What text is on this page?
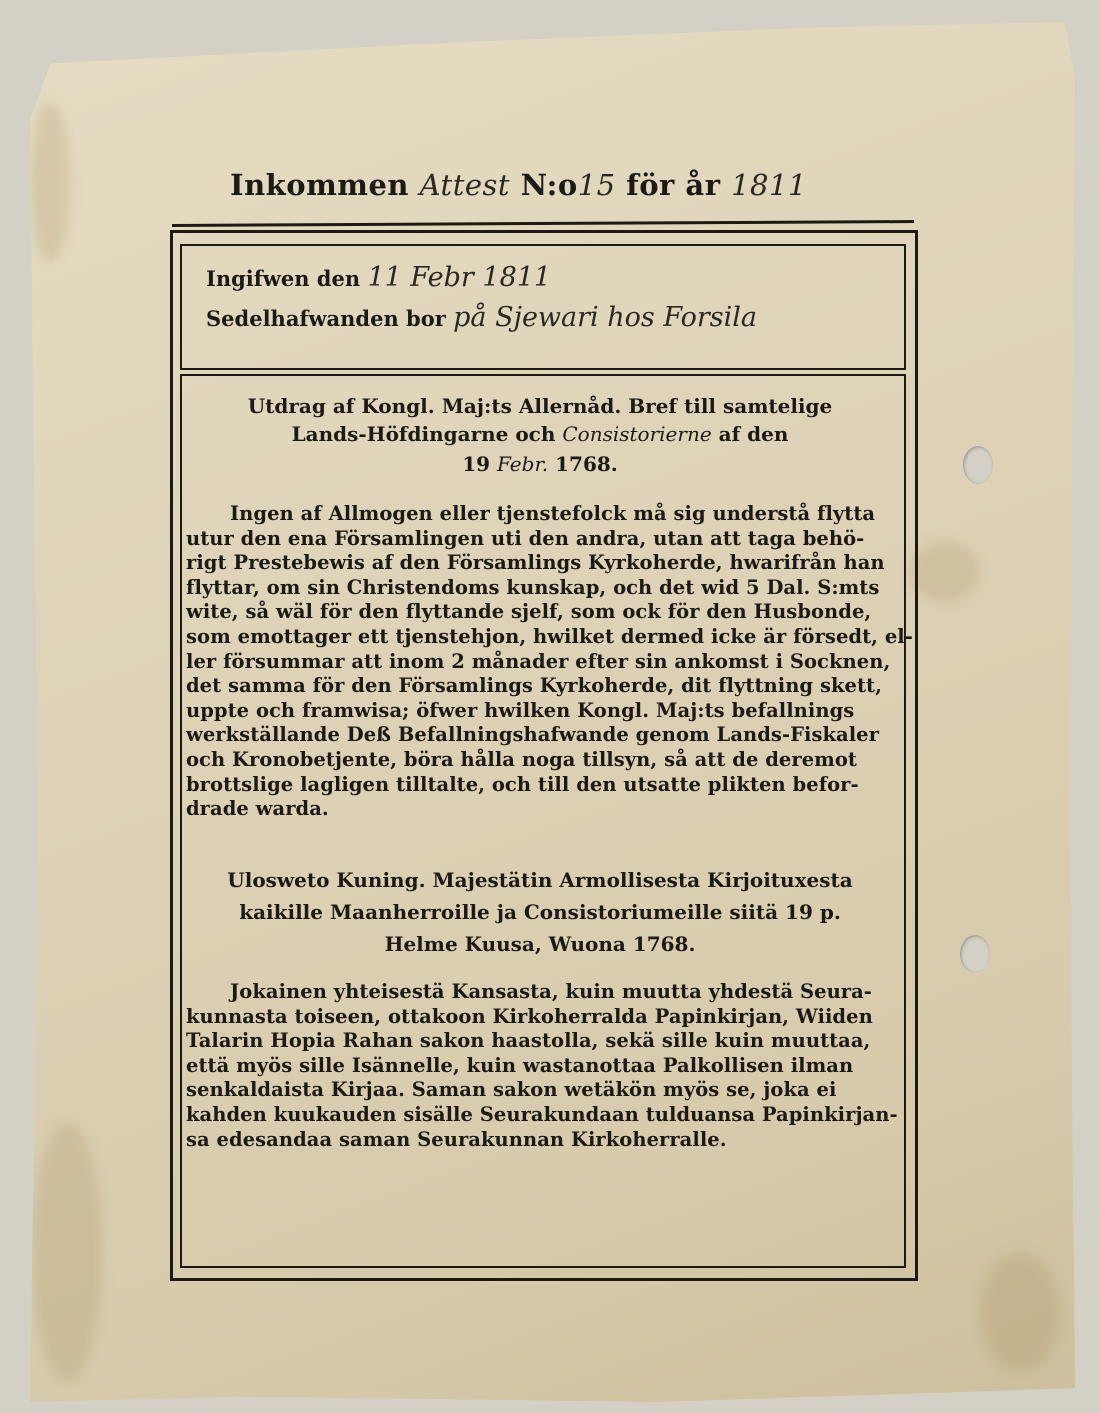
Inkommen Attest N:o15 för år 1811
Ingifwen den 11 Febr 1811
Sedelhafwanden bor på Sjewari hos Forsila
Utdrag af Kongl. Maj:ts Allernåd. Bref till samtelige
Lands-Höfdingarne och Consistorierne af den
19 Febr. 1768.
Ingen af Allmogen eller tjenstefolck må sig understå flytta
utur den ena Församlingen uti den andra, utan att taga behö-
rigt Prestebewis af den Församlings Kyrkoherde, hwarifrån han
flyttar, om sin Christendoms kunskap, och det wid 5 Dal. S:mts
wite, så wäl för den flyttande sjelf, som ock för den Husbonde,
som emottager ett tjenstehjon, hwilket dermed icke är försedt, el-
ler försummar att inom 2 månader efter sin ankomst i Socknen,
det samma för den Församlings Kyrkoherde, dit flyttning skett,
uppte och framwisa; öfwer hwilken Kongl. Maj:ts befallnings
werkställande Deß Befallningshafwande genom Lands-Fiskaler
och Kronobetjente, böra hålla noga tillsyn, så att de deremot
brottslige lagligen tilltalte, och till den utsatte plikten befor-
drade warda.
Ulosweto Kuning. Majestätin Armollisesta Kirjoituxesta
kaikille Maanherroille ja Consistoriumeille siitä 19 p.
Helme Kuusa, Wuona 1768.
Jokainen yhteisestä Kansasta, kuin muutta yhdestä Seura-
kunnasta toiseen, ottakoon Kirkoherralda Papinkirjan, Wiiden
Talarin Hopia Rahan sakon haastolla, sekä sille kuin muuttaa,
että myös sille Isännelle, kuin wastanottaa Palkollisen ilman
senkaldaista Kirjaa. Saman sakon wetäkön myös se, joka ei
kahden kuukauden sisälle Seurakundaan tulduansa Papinkirjan-
sa edesandaa saman Seurakunnan Kirkoherralle.
